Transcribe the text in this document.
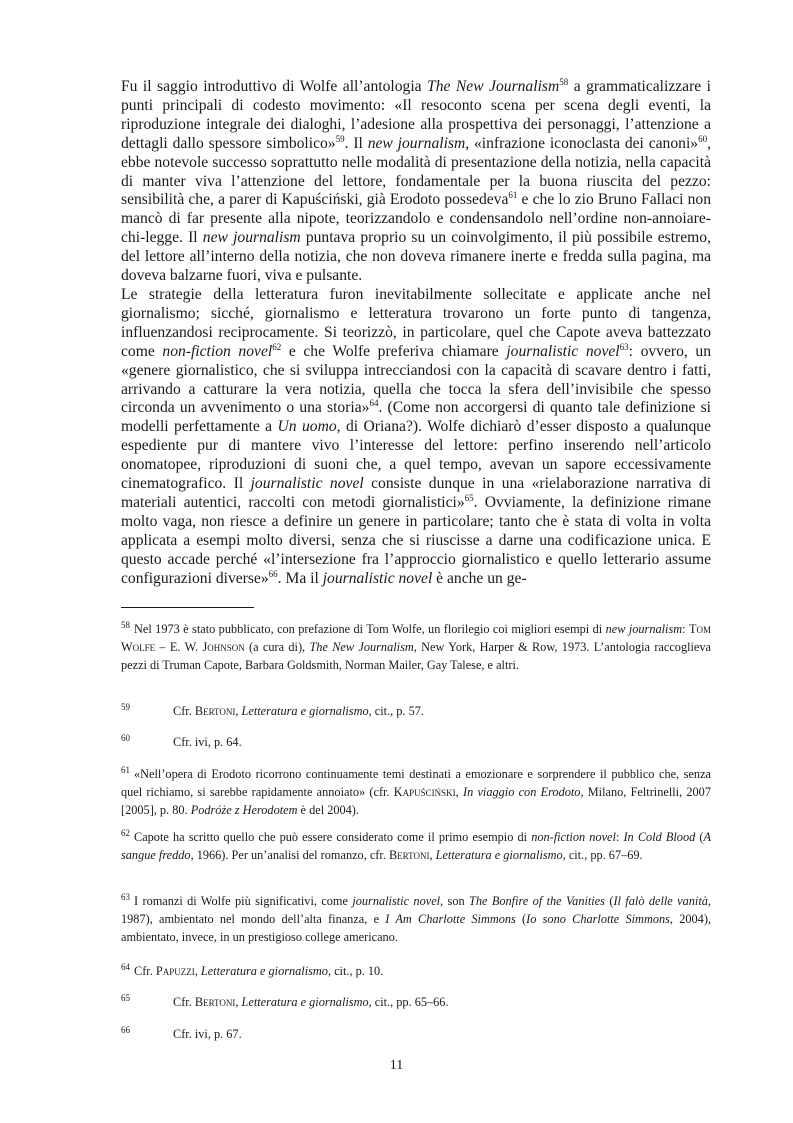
Fu il saggio introduttivo di Wolfe all’antologia The New Journalism$^{58}$ a grammaticalizzare i punti principali di codesto movimento: «Il resoconto scena per scena degli eventi, la riproduzione integrale dei dialoghi, l’adesione alla prospettiva dei personaggi, l’attenzione a dettagli dallo spessore simbolico»$^{59}$. Il new journalism, «infrazione iconoclasta dei canoni»$^{60}$, ebbe notevole successo soprattutto nelle modalità di presentazione della notizia, nella capacità di manter viva l’attenzione del lettore, fondamentale per la buona riuscita del pezzo: sensibilità che, a parer di Kapuściński, già Erodoto possedeva$^{61}$ e che lo zio Bruno Fallaci non mancò di far presente alla nipote, teorizzandolo e condensandolo nell’ordine non-annoiare-chi-legge. Il new journalism puntava proprio su un coinvolgimento, il più possibile estremo, del lettore all’interno della notizia, che non doveva rimanere inerte e fredda sulla pagina, ma doveva balzarne fuori, viva e pulsante.

Le strategie della letteratura furon inevitabilmente sollecitate e applicate anche nel giornalismo; sicché, giornalismo e letteratura trovarono un forte punto di tangenza, influenzandosi reciprocamente. Si teorizzò, in particolare, quel che Capote aveva battezzato come non-fiction novel$^{62}$ e che Wolfe preferiva chiamare journalistic novel$^{63}$: ovvero, un «genere giornalistico, che si sviluppa intrecciandosi con la capacità di scavare dentro i fatti, arrivando a catturare la vera notizia, quella che tocca la sfera dell’invisibile che spesso circonda un avvenimento o una storia»$^{64}$. (Come non accorgersi di quanto tale definizione si modelli perfettamente a Un uomo, di Oriana?). Wolfe dichiarò d’esser disposto a qualunque espediente pur di mantere vivo l’interesse del lettore: perfino inserendo nell’articolo onomatopee, riproduzioni di suoni che, a quel tempo, avevan un sapore eccessivamente cinematografico. Il journalistic novel consiste dunque in una «rielaborazione narrativa di materiali autentici, raccolti con metodi giornalistici»$^{65}$. Ovviamente, la definizione rimane molto vaga, non riesce a definire un genere in particolare; tanto che è stata di volta in volta applicata a esempi molto diversi, senza che si riuscisse a darne una codificazione unica. E questo accade perché «l’intersezione fra l’approccio giornalistico e quello letterario assume configurazioni diverse»$^{66}$. Ma il journalistic novel è anche un ge-

$^{58}$ Nel 1973 è stato pubblicato, con prefazione di Tom Wolfe, un florilegio coi migliori esempi di new journalism: Tom Wolfe – E. W. Johnson (a cura di), The New Journalism, New York, Harper & Row, 1973. L’antologia raccoglieva pezzi di Truman Capote, Barbara Goldsmith, Norman Mailer, Gay Talese, e altri.

59	Cfr. Bertoni, Letteratura e giornalismo, cit., p. 57.

60	Cfr. ivi, p. 64.

$^{61}$ «Nell’opera di Erodoto ricorrono continuamente temi destinati a emozionare e sorprendere il pubblico che, senza quel richiamo, si sarebbe rapidamente annoiato» (cfr. Kapuściński, In viaggio con Erodoto, Milano, Feltrinelli, 2007 [2005], p. 80. Podróże z Herodotem è del 2004).

$^{62}$ Capote ha scritto quello che può essere considerato come il primo esempio di non-fiction novel: In Cold Blood (A sangue freddo, 1966). Per un’analisi del romanzo, cfr. Bertoni, Letteratura e giornalismo, cit., pp. 67–69.

$^{63}$ I romanzi di Wolfe più significativi, come journalistic novel, son The Bonfire of the Vanities (Il falò delle vanità, 1987), ambientato nel mondo dell’alta finanza, e I Am Charlotte Simmons (Io sono Charlotte Simmons, 2004), ambientato, invece, in un prestigioso college americano.

$^{64}$ Cfr. Papuzzi, Letteratura e giornalismo, cit., p. 10.

65	Cfr. Bertoni, Letteratura e giornalismo, cit., pp. 65–66.

66	Cfr. ivi, p. 67.

11
